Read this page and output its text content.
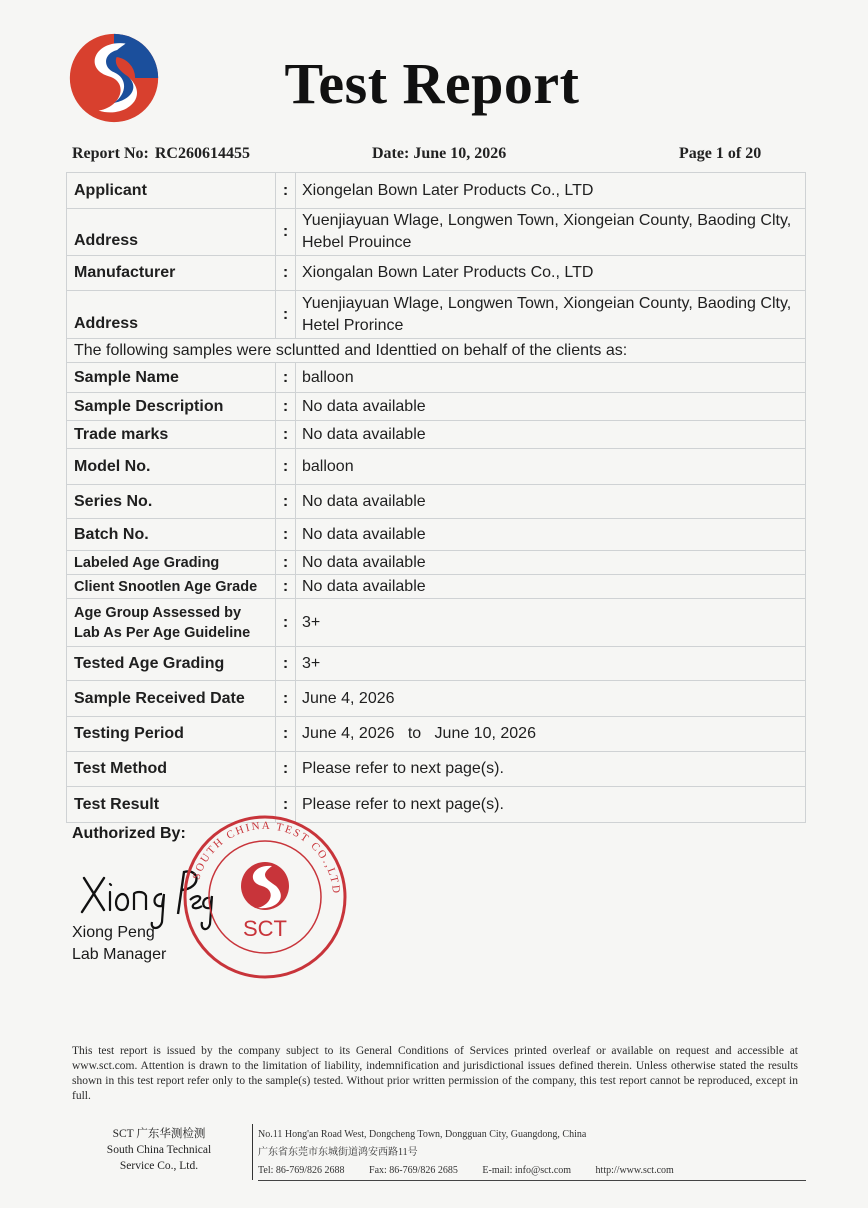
Test Report
Report No: RC260614455	Date: June 10, 2026	Page 1 of 20
Applicant	:	Xiongelan Bown Later Products Co., LTD
Address	:	Yuenjiayuan Wlage, Longwen Town, Xiongeian County, Baoding Clty, Hebel Prouince
Manufacturer	:	Xiongalan Bown Later Products Co., LTD
Address	:	Yuenjiayuan Wlage, Longwen Town, Xiongeian County, Baoding Clty, Hetel Prorince
The following samples were scluntted and Identtied on behalf of the clients as:		
Sample Name	:	balloon
Sample Description	:	No data available
Trade marks	:	No data available
Model No.	:	balloon
Series No.	:	No data available
Batch No.	:	No data available
Labeled Age Grading	:	No data available
Client Snootlen Age Grade	:	No data available
Age Group Assessed by Lab As Per Age Guideline	:	3+
Tested Age Grading	:	3+
Sample Received Date	:	June 4, 2026
Testing Period	:	June 4, 2026   to   June 10, 2026
Test Method	:	Please refer to next page(s).
Test Result	:	Please refer to next page(s).
Authorized By:
Xiong Peng
Lab Manager
SOUTH CHINA TEST CO.,LTD
SCT
This test report is issued by the company subject to its General Conditions of Services printed overleaf or available on request and accessible at www.sct.com. Attention is drawn to the limitation of liability, indemnification and jurisdictional issues defined therein. Unless otherwise stated the results shown in this test report refer only to the sample(s) tested. Without prior written permission of the company, this test report cannot be reproduced, except in full.
SCT 广东华测检测
South China Technical
Service Co., Ltd.
No.11 Hong'an Road West, Dongcheng Town, Dongguan City, Guangdong, China
广东省东莞市东城街道鸿安西路11号
Tel: 86-769/826 2688 Fax: 86-769/826 2685 E-mail: info@sct.com http://www.sct.com
